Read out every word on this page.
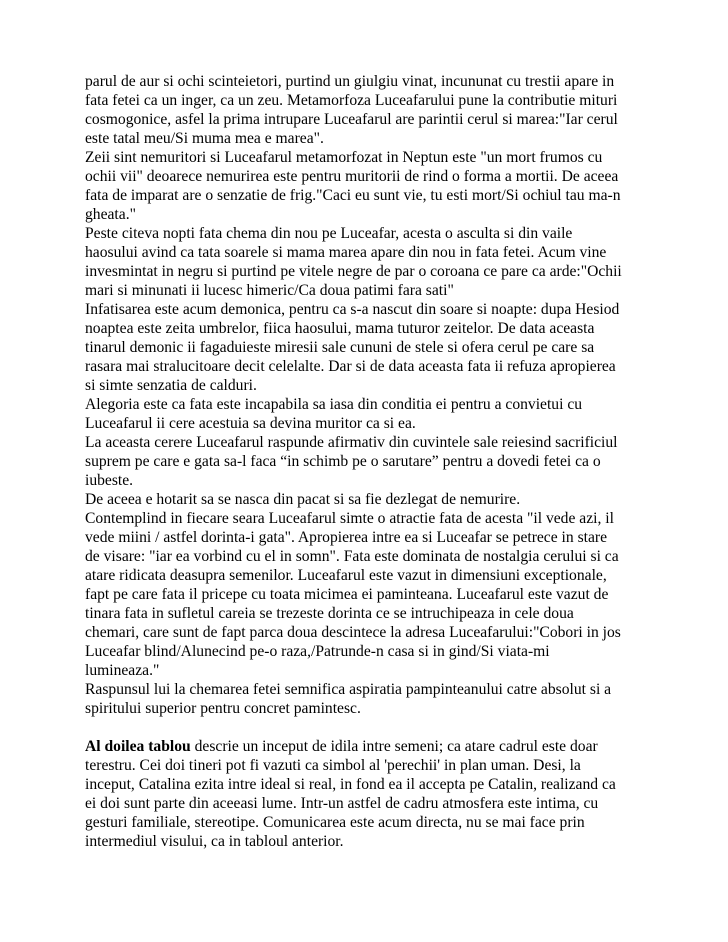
parul de aur si ochi scinteietori, purtind un giulgiu vinat, incununat cu trestii apare in
fata fetei ca un inger, ca un zeu. Metamorfoza Luceafarului pune la contributie mituri
cosmogonice, asfel la prima intrupare Luceafarul are parintii cerul si marea:"Iar cerul
este tatal meu/Si muma mea e marea".
Zeii sint nemuritori si Luceafarul metamorfozat in Neptun este "un mort frumos cu
ochii vii" deoarece nemurirea este pentru muritorii de rind o forma a mortii. De aceea
fata de imparat are o senzatie de frig."Caci eu sunt vie, tu esti mort/Si ochiul tau ma-n
gheata."
Peste citeva nopti fata chema din nou pe Luceafar, acesta o asculta si din vaile
haosului avind ca tata soarele si mama marea apare din nou in fata fetei. Acum vine
invesmintat in negru si purtind pe vitele negre de par o coroana ce pare ca arde:"Ochii
mari si minunati ii lucesc himeric/Ca doua patimi fara sati"
Infatisarea este acum demonica, pentru ca s-a nascut din soare si noapte: dupa Hesiod
noaptea este zeita umbrelor, fiica haosului, mama tuturor zeitelor. De data aceasta
tinarul demonic ii fagaduieste miresii sale cununi de stele si ofera cerul pe care sa
rasara mai stralucitoare decit celelalte. Dar si de data aceasta fata ii refuza apropierea
si simte senzatia de calduri.
Alegoria este ca fata este incapabila sa iasa din conditia ei pentru a convietui cu
Luceafarul ii cere acestuia sa devina muritor ca si ea.
La aceasta cerere Luceafarul raspunde afirmativ din cuvintele sale reiesind sacrificiul
suprem pe care e gata sa-l faca “in schimb pe o sarutare” pentru a dovedi fetei ca o
iubeste.
De aceea e hotarit sa se nasca din pacat si sa fie dezlegat de nemurire.
Contemplind in fiecare seara Luceafarul simte o atractie fata de acesta "il vede azi, il
vede miini / astfel dorinta-i gata". Apropierea intre ea si Luceafar se petrece in stare
de visare: "iar ea vorbind cu el in somn". Fata este dominata de nostalgia cerului si ca
atare ridicata deasupra semenilor. Luceafarul este vazut in dimensiuni exceptionale,
fapt pe care fata il pricepe cu toata micimea ei paminteana. Luceafarul este vazut de
tinara fata in sufletul careia se trezeste dorinta ce se intruchipeaza in cele doua
chemari, care sunt de fapt parca doua descintece la adresa Luceafarului:"Cobori in jos
Luceafar blind/Alunecind pe-o raza,/Patrunde-n casa si in gind/Si viata-mi
lumineaza."
Raspunsul lui la chemarea fetei semnifica aspiratia pampinteanului catre absolut si a
spiritului superior pentru concret pamintesc.
Al doilea tablou descrie un inceput de idila intre semeni; ca atare cadrul este doar
terestru. Cei doi tineri pot fi vazuti ca simbol al 'perechii' in plan uman. Desi, la
inceput, Catalina ezita intre ideal si real, in fond ea il accepta pe Catalin, realizand ca
ei doi sunt parte din aceeasi lume. Intr-un astfel de cadru atmosfera este intima, cu
gesturi familiale, stereotipe. Comunicarea este acum directa, nu se mai face prin
intermediul visului, ca in tabloul anterior.
